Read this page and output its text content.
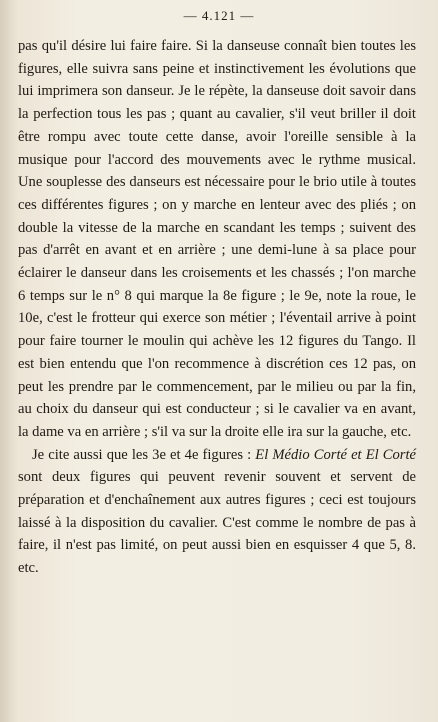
— 4.121 —

pas qu'il désire lui faire faire. Si la danseuse connaît bien toutes les figures, elle suivra sans peine et instinctivement les évolutions que lui imprimera son danseur. Je le répète, la danseuse doit savoir dans la perfection tous les pas ; quant au cavalier, s'il veut briller il doit être rompu avec toute cette danse, avoir l'oreille sensible à la musique pour l'accord des mouvements avec le rythme musical. Une souplesse des danseurs est nécessaire pour le brio utile à toutes ces différentes figures ; on y marche en lenteur avec des pliés ; on double la vitesse de la marche en scandant les temps ; suivent des pas d'arrêt en avant et en arrière ; une demi-lune à sa place pour éclairer le danseur dans les croisements et les chassés ; l'on marche 6 temps sur le n° 8 qui marque la 8e figure ; le 9e, note la roue, le 10e, c'est le frotteur qui exerce son métier ; l'éventail arrive à point pour faire tourner le moulin qui achève les 12 figures du Tango. Il est bien entendu que l'on recommence à discrétion ces 12 pas, on peut les prendre par le commencement, par le milieu ou par la fin, au choix du danseur qui est conducteur ; si le cavalier va en avant, la dame va en arrière ; s'il va sur la droite elle ira sur la gauche, etc.

Je cite aussi que les 3e et 4e figures : El Médio Corté et El Corté sont deux figures qui peuvent revenir souvent et servent de préparation et d'enchaînement aux autres figures ; ceci est toujours laissé à la disposition du cavalier. C'est comme le nombre de pas à faire, il n'est pas limité, on peut aussi bien en esquisser 4 que 5, 8. etc.
